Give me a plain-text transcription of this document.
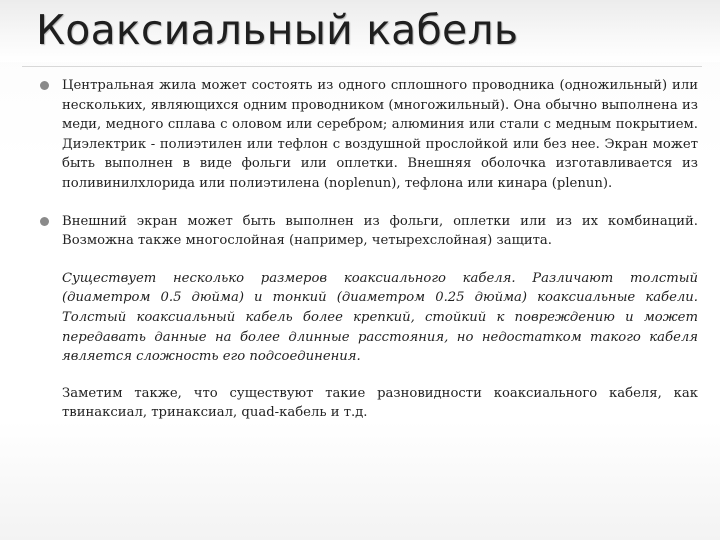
Коаксиальный кабель

Центральная жила может состоять из одного сплошного проводника (одножильный) или нескольких, являющихся одним проводником (многожильный). Она обычно выполнена из меди, медного сплава с оловом или серебром; алюминия или стали с медным покрытием. Диэлектрик - полиэтилен или тефлон с воздушной прослойкой или без нее. Экран может быть выполнен в виде фольги или оплетки. Внешняя оболочка изготавливается из поливинилхлорида или полиэтилена (noplenun), тефлона или кинара (plenun).

Внешний экран может быть выполнен из фольги, оплетки или из их комбинаций. Возможна также многослойная (например, четырехслойная) защита.

Существует несколько размеров коаксиального кабеля. Различают толстый (диаметром 0.5 дюйма) и тонкий (диаметром 0.25 дюйма) коаксиальные кабели. Толстый коаксиальный кабель более крепкий, стойкий к повреждению и может передавать данные на более длинные расстояния, но недостатком такого кабеля является сложность его подсоединения.

Заметим также, что существуют такие разновидности коаксиального кабеля, как твинаксиал, тринаксиал, quad-кабель и т.д.
